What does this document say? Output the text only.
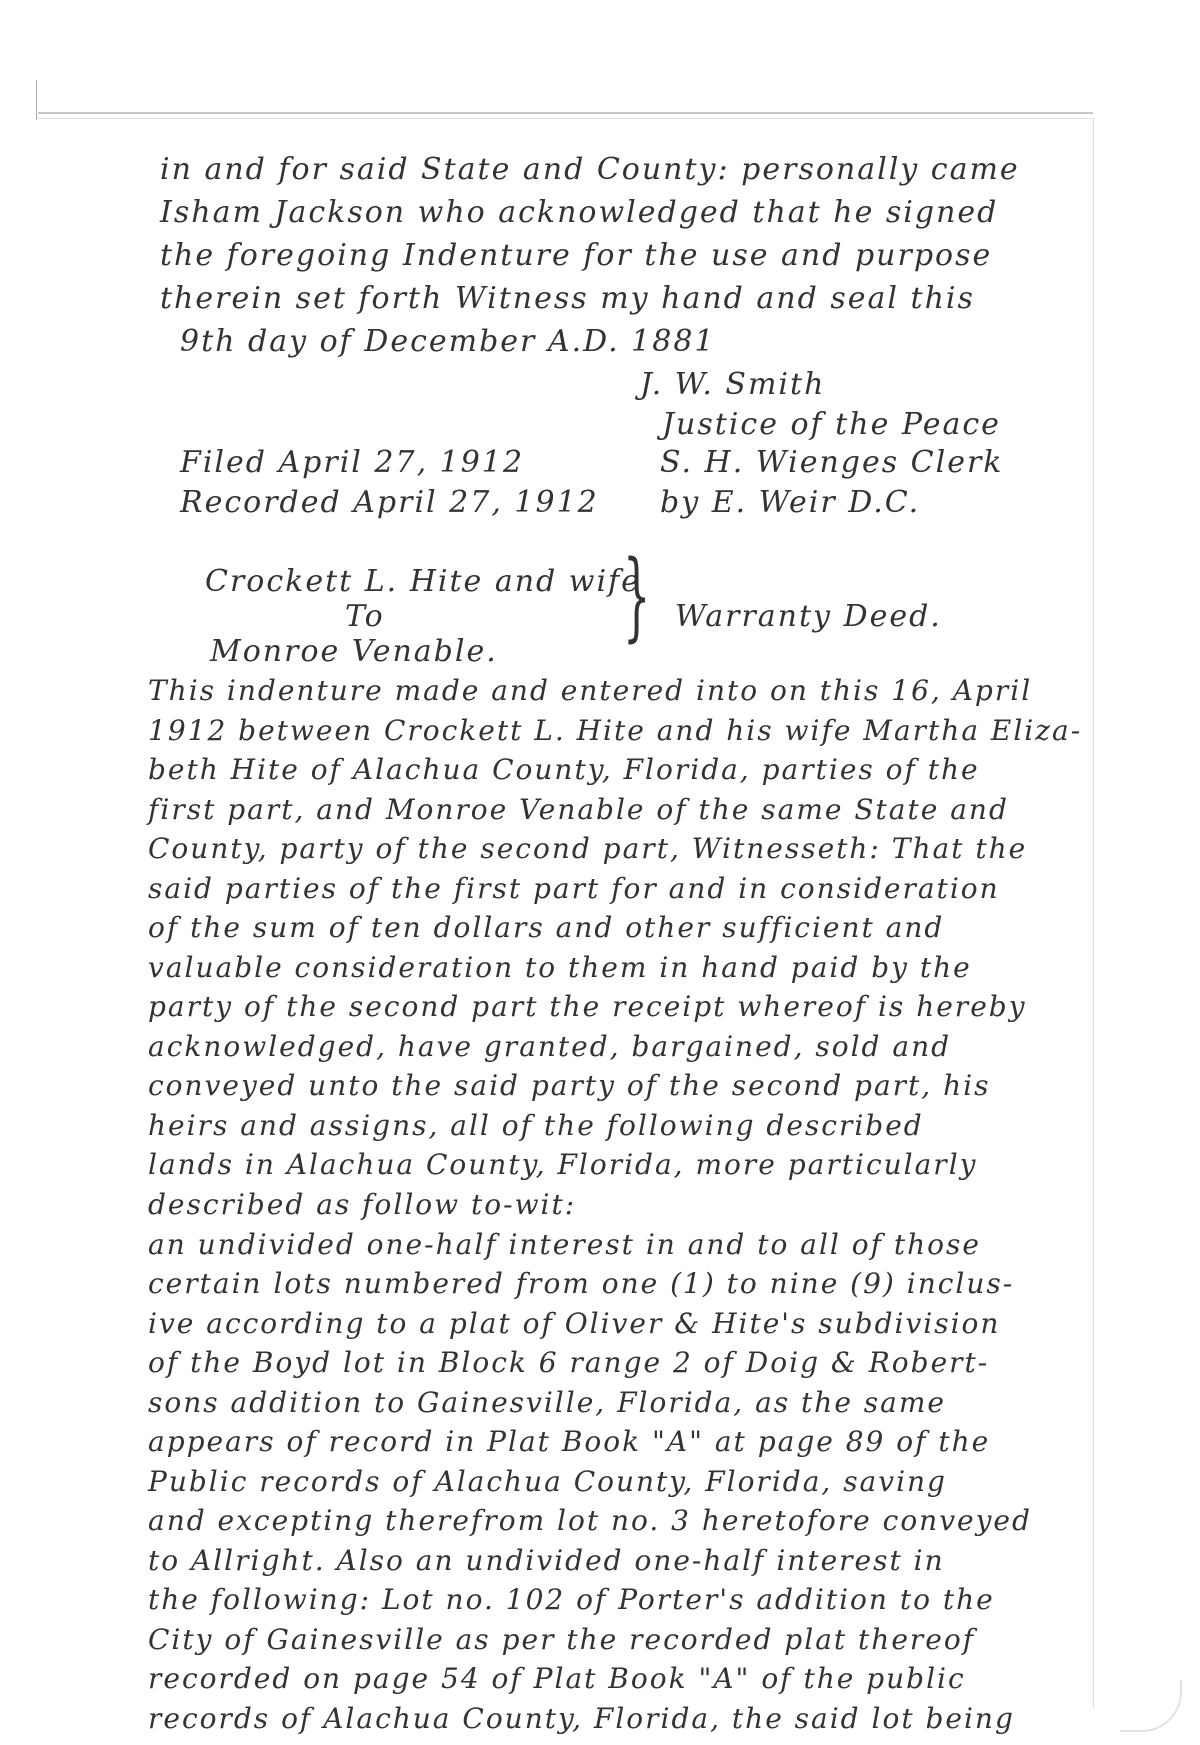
in and for said State and County: personally came
Isham Jackson who acknowledged that he signed
the foregoing Indenture for the use and purpose
therein set forth Witness my hand and seal this
9th day of December A.D. 1881
J. W. Smith
Justice of the Peace
Filed April 27, 1912
Recorded April 27, 1912
S. H. Wienges Clerk
by E. Weir D.C.
Crockett L. Hite and wife
To
Monroe Venable. } Warranty Deed.
This indenture made and entered into on this 16, April
1912 between Crockett L. Hite and his wife Martha Eliza-
beth Hite of Alachua County, Florida, parties of the
first part, and Monroe Venable of the same State and
County, party of the second part, Witnesseth: That the
said parties of the first part for and in consideration
of the sum of ten dollars and other sufficient and
valuable consideration to them in hand paid by the
party of the second part the receipt whereof is hereby
acknowledged, have granted, bargained, sold and
conveyed unto the said party of the second part, his
heirs and assigns, all of the following described
lands in Alachua County, Florida, more particularly
described as follow to-wit:
an undivided one-half interest in and to all of those
certain lots numbered from one (1) to nine (9) inclus-
ive according to a plat of Oliver & Hite's subdivision
of the Boyd lot in Block 6 range 2 of Doig & Robert-
sons addition to Gainesville, Florida, as the same
appears of record in Plat Book "A" at page 89 of the
Public records of Alachua County, Florida, saving
and excepting therefrom lot no. 3 heretofore conveyed
to Allright. Also an undivided one-half interest in
the following: Lot no. 102 of Porter's addition to the
City of Gainesville as per the recorded plat thereof
recorded on page 54 of Plat Book "A" of the public
records of Alachua County, Florida, the said lot being
